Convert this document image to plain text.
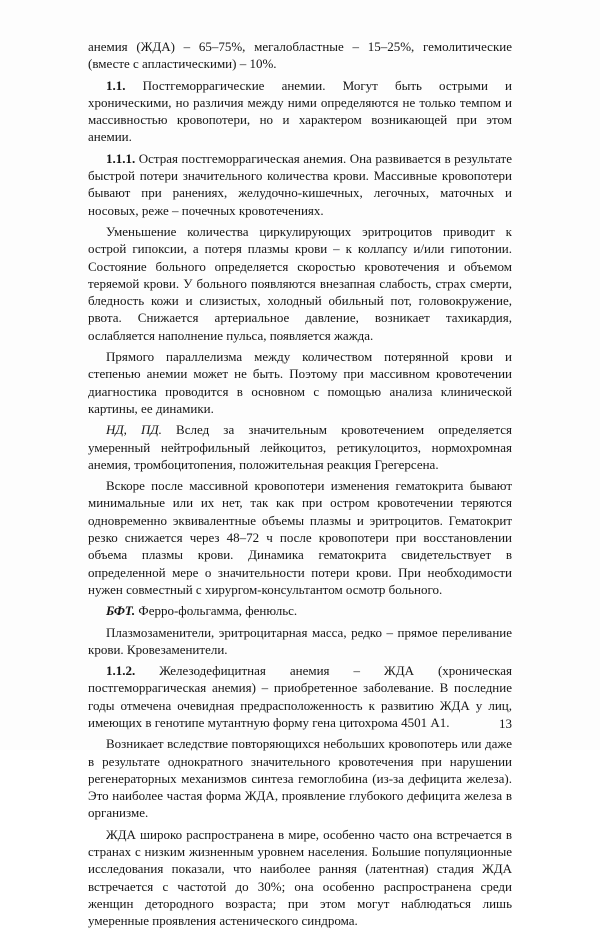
анемия (ЖДА) – 65–75%, мегалобластные – 15–25%, гемолитические (вместе с апластическими) – 10%.

1.1. Постгеморрагические анемии. Могут быть острыми и хроническими, но различия между ними определяются не только темпом и массивностью кровопотери, но и характером возникающей при этом анемии.

1.1.1. Острая постгеморрагическая анемия. Она развивается в результате быстрой потери значительного количества крови. Массивные кровопотери бывают при ранениях, желудочно-кишечных, легочных, маточных и носовых, реже – почечных кровотечениях.

Уменьшение количества циркулирующих эритроцитов приводит к острой гипоксии, а потеря плазмы крови – к коллапсу и/или гипотонии. Состояние больного определяется скоростью кровотечения и объемом теряемой крови. У больного появляются внезапная слабость, страх смерти, бледность кожи и слизистых, холодный обильный пот, головокружение, рвота. Снижается артериальное давление, возникает тахикардия, ослабляется наполнение пульса, появляется жажда.

Прямого параллелизма между количеством потерянной крови и степенью анемии может не быть. Поэтому при массивном кровотечении диагностика проводится в основном с помощью анализа клинической картины, ее динамики.

НД, ПД. Вслед за значительным кровотечением определяется умеренный нейтрофильный лейкоцитоз, ретикулоцитоз, нормохромная анемия, тромбоцитопения, положительная реакция Грегерсена.

Вскоре после массивной кровопотери изменения гематокрита бывают минимальные или их нет, так как при остром кровотечении теряются одновременно эквивалентные объемы плазмы и эритроцитов. Гематокрит резко снижается через 48–72 ч после кровопотери при восстановлении объема плазмы крови. Динамика гематокрита свидетельствует в определенной мере о значительности потери крови. При необходимости нужен совместный с хирургом-консультантом осмотр больного.

БФТ. Ферро-фольгамма, фенюльс.

Плазмозаменители, эритроцитарная масса, редко – прямое переливание крови. Кровезаменители.

1.1.2. Железодефицитная анемия – ЖДА (хроническая постгеморрагическая анемия) – приобретенное заболевание. В последние годы отмечена очевидная предрасположенность к развитию ЖДА у лиц, имеющих в генотипе мутантную форму гена цитохрома 4501 A1.

Возникает вследствие повторяющихся небольших кровопотерь или даже в результате однократного значительного кровотечения при нарушении регенераторных механизмов синтеза гемоглобина (из-за дефицита железа). Это наиболее частая форма ЖДА, проявление глубокого дефицита железа в организме.

ЖДА широко распространена в мире, особенно часто она встречается в странах с низким жизненным уровнем населения. Большие популяционные исследования показали, что наиболее ранняя (латентная) стадия ЖДА встречается с частотой до 30%; она особенно распространена среди женщин детородного возраста; при этом могут наблюдаться лишь умеренные проявления астенического синдрома.

13
